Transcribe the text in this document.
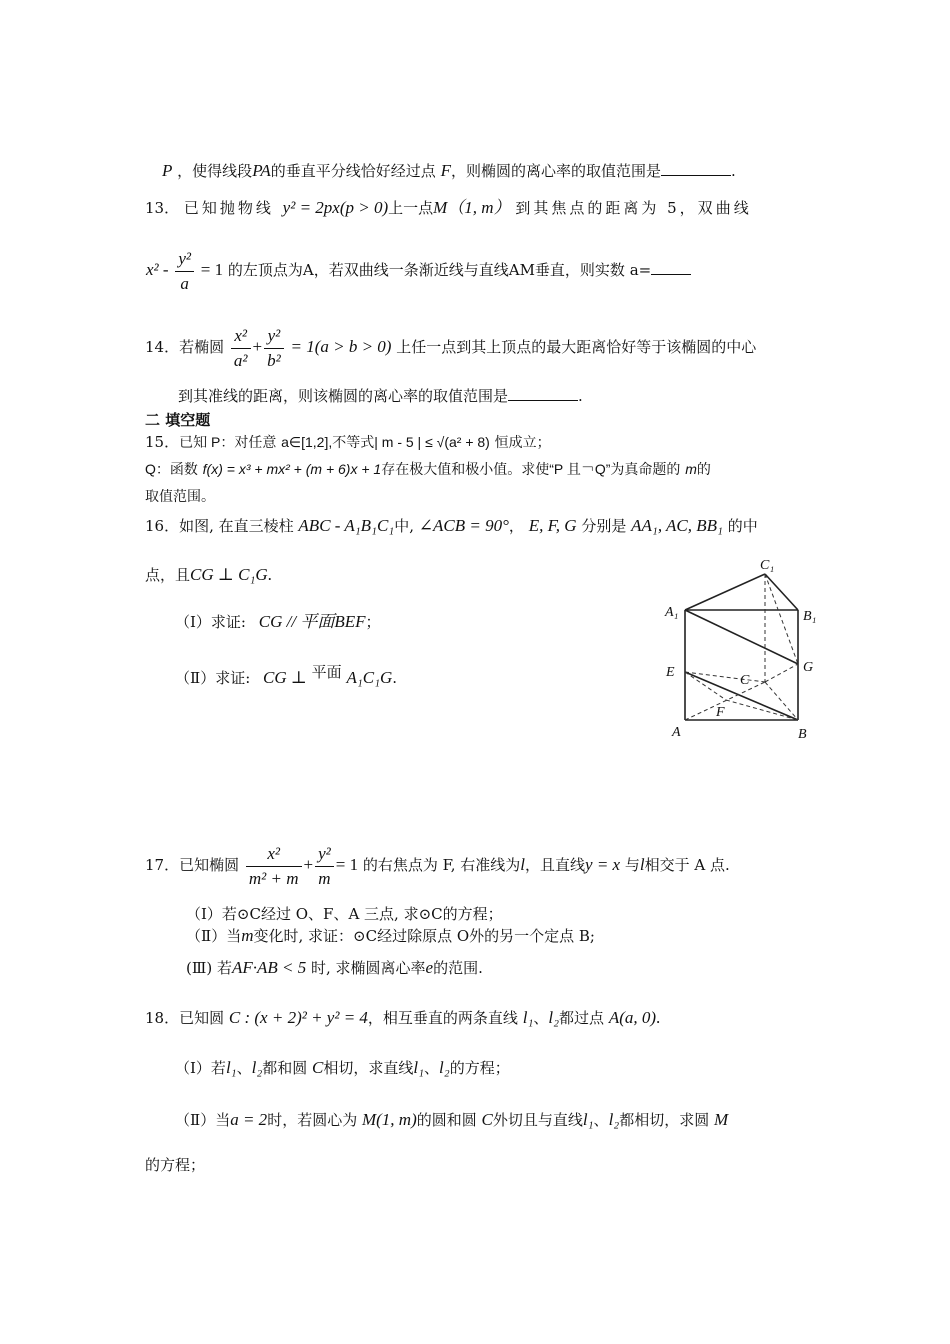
P ，使得线段PA的垂直平分线恰好经过点 F，则椭圆的离心率的取值范围是	.
13． 已知抛物线 y² = 2px(p > 0)上一点M（1, m） 到其焦点的距离为 5，双曲线
$x^2 - \frac{\text{y²}}{a} = 1$ 的左顶点为A，若双曲线一条渐近线与直线AM垂直，则实数 a=
14．若椭圆 $\frac{\text{x²}}{\text{a²}} + \frac{\text{y²}}{\text{b²}} = 1(a > b > 0)$ 上任一点到其上顶点的最大距离恰好等于该椭圆的中心
到其准线的距离，则该椭圆的离心率的取值范围是	.
二 填空题
15．已知 P：对任意 a∈[1,2],不等式| m - 5 | ≤ √(a² + 8) 恒成立；
Q：函数 f(x) = x³ + mx² + (m + 6)x + 1存在极大值和极小值。求使“P 且￢Q”为真命题的 m的
取值范围。
16．如图, 在直三棱柱 ABC - A₁B₁C₁中, ∠ACB = 90°， E, F, G 分别是 AA₁, AC, BB₁ 的中
点，且CG ⊥ C₁G.
（Ⅰ）求证: CG // 平面BEF；
（Ⅱ）求证: CG ⊥ 平面 A₁C₁G.
C₁
A₁	B₁
E	G
C
F
A	B
17．已知椭圆 $\frac{\text{x²}}{\text{m² + m}} + \frac{\text{y²}}{m} = 1$ 的右焦点为 F, 右准线为l，且直线y = x 与l相交于 A 点.
（Ⅰ）若⊙C经过 O、F、A 三点, 求⊙C的方程；
（Ⅱ）当m变化时, 求证：⊙C经过除原点 O外的另一个定点 B;
(Ⅲ) 若AF·AB < 5 时, 求椭圆离心率e的范围.
18．已知圆 C : (x + 2)² + y² = 4，相互垂直的两条直线 l₁、l₂都过点 A(a, 0).
（Ⅰ）若l₁、l₂都和圆 C相切，求直线l₁、l₂的方程；
（Ⅱ）当a = 2时，若圆心为 M(1, m)的圆和圆 C外切且与直线l₁、l₂都相切，求圆 M
的方程；
